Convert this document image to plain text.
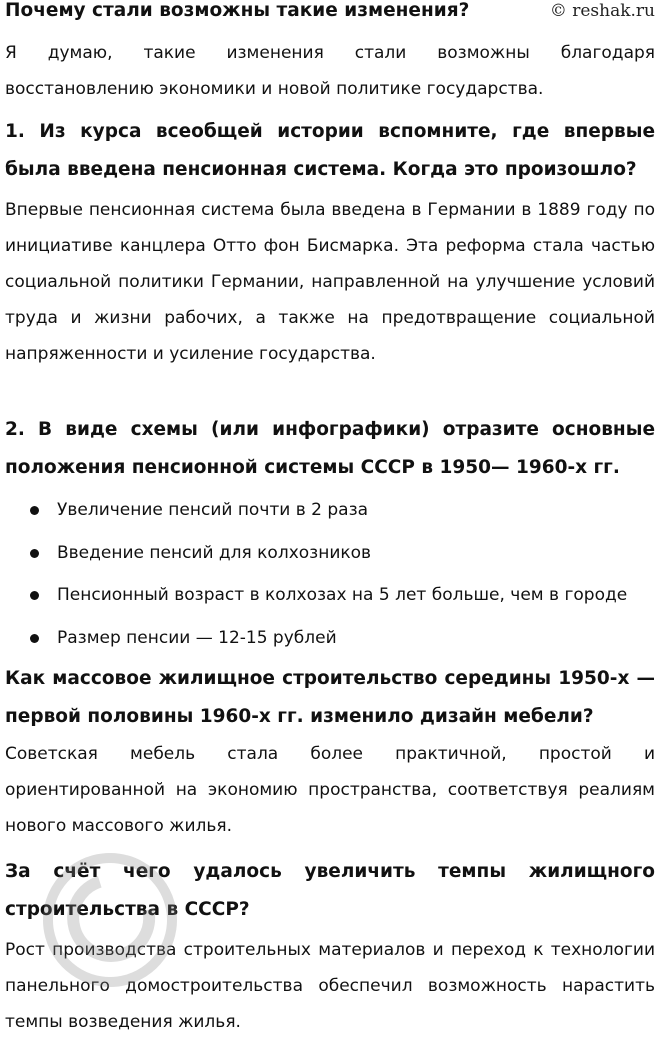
© reshak.ru

Почему стали возможны такие изменения?

Я думаю, такие изменения стали возможны благодаря восстановлению экономики и новой политике государства.

1. Из курса всеобщей истории вспомните, где впервые была введена пенсионная система. Когда это произошло?

Впервые пенсионная система была введена в Германии в 1889 году по инициативе канцлера Отто фон Бисмарка. Эта реформа стала частью социальной политики Германии, направленной на улучшение условий труда и жизни рабочих, а также на предотвращение социальной напряженности и усиление государства.

2. В виде схемы (или инфографики) отразите основные положения пенсионной системы СССР в 1950— 1960-х гг.

Увеличение пенсий почти в 2 раза
Введение пенсий для колхозников
Пенсионный возраст в колхозах на 5 лет больше, чем в городе
Размер пенсии — 12-15 рублей

Как массовое жилищное строительство середины 1950-х — первой половины 1960-х гг. изменило дизайн мебели?

Советская мебель стала более практичной, простой и ориентированной на экономию пространства, соответствуя реалиям нового массового жилья.

За счёт чего удалось увеличить темпы жилищного строительства в СССР?

Рост производства строительных материалов и переход к технологии панельного домостроительства обеспечил возможность нарастить темпы возведения жилья.
